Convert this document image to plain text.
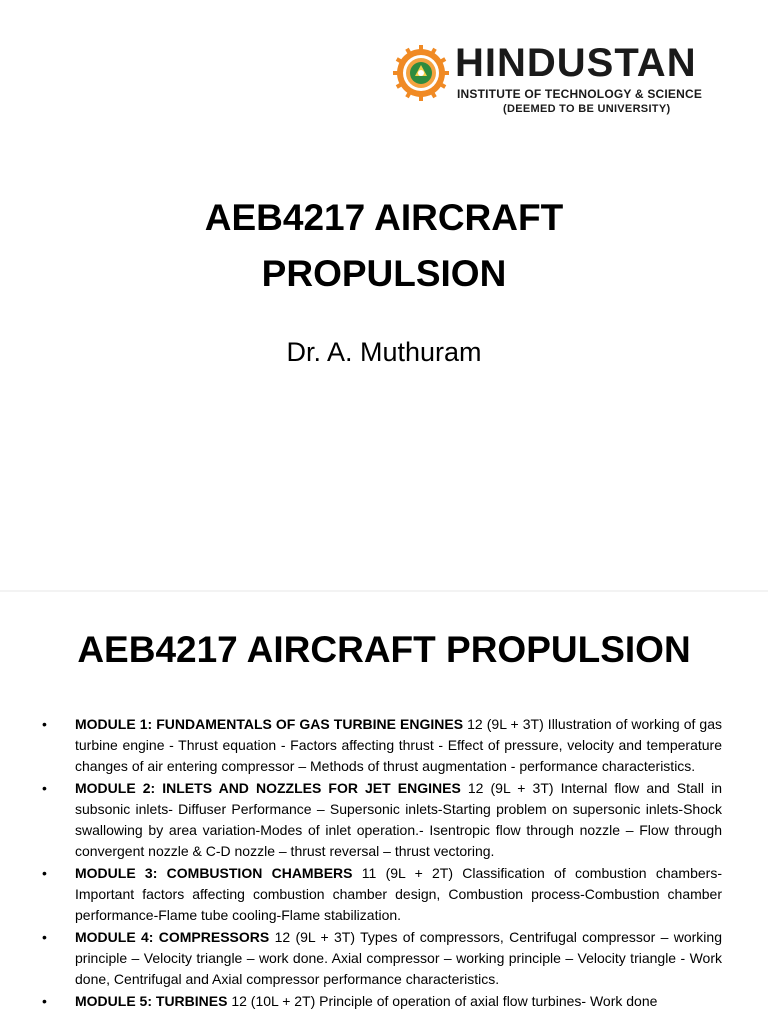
HINDUSTAN
INSTITUTE OF TECHNOLOGY & SCIENCE
(DEEMED TO BE UNIVERSITY)
AEB4217 AIRCRAFT
PROPULSION
Dr. A. Muthuram
AEB4217 AIRCRAFT PROPULSION
• MODULE 1: FUNDAMENTALS OF GAS TURBINE ENGINES 12 (9L + 3T) Illustration of working of gas turbine engine - Thrust equation - Factors affecting thrust - Effect of pressure, velocity and temperature changes of air entering compressor – Methods of thrust augmentation - performance characteristics.
• MODULE 2: INLETS AND NOZZLES FOR JET ENGINES 12 (9L + 3T) Internal flow and Stall in subsonic inlets- Diffuser Performance – Supersonic inlets-Starting problem on supersonic inlets-Shock swallowing by area variation-Modes of inlet operation.- Isentropic flow through nozzle – Flow through convergent nozzle & C-D nozzle – thrust reversal – thrust vectoring.
• MODULE 3: COMBUSTION CHAMBERS 11 (9L + 2T) Classification of combustion chambers- Important factors affecting combustion chamber design, Combustion process-Combustion chamber performance-Flame tube cooling-Flame stabilization.
• MODULE 4: COMPRESSORS 12 (9L + 3T) Types of compressors, Centrifugal compressor – working principle – Velocity triangle – work done. Axial compressor – working principle – Velocity triangle - Work done, Centrifugal and Axial compressor performance characteristics.
• MODULE 5: TURBINES 12 (10L + 2T) Principle of operation of axial flow turbines- Work done
